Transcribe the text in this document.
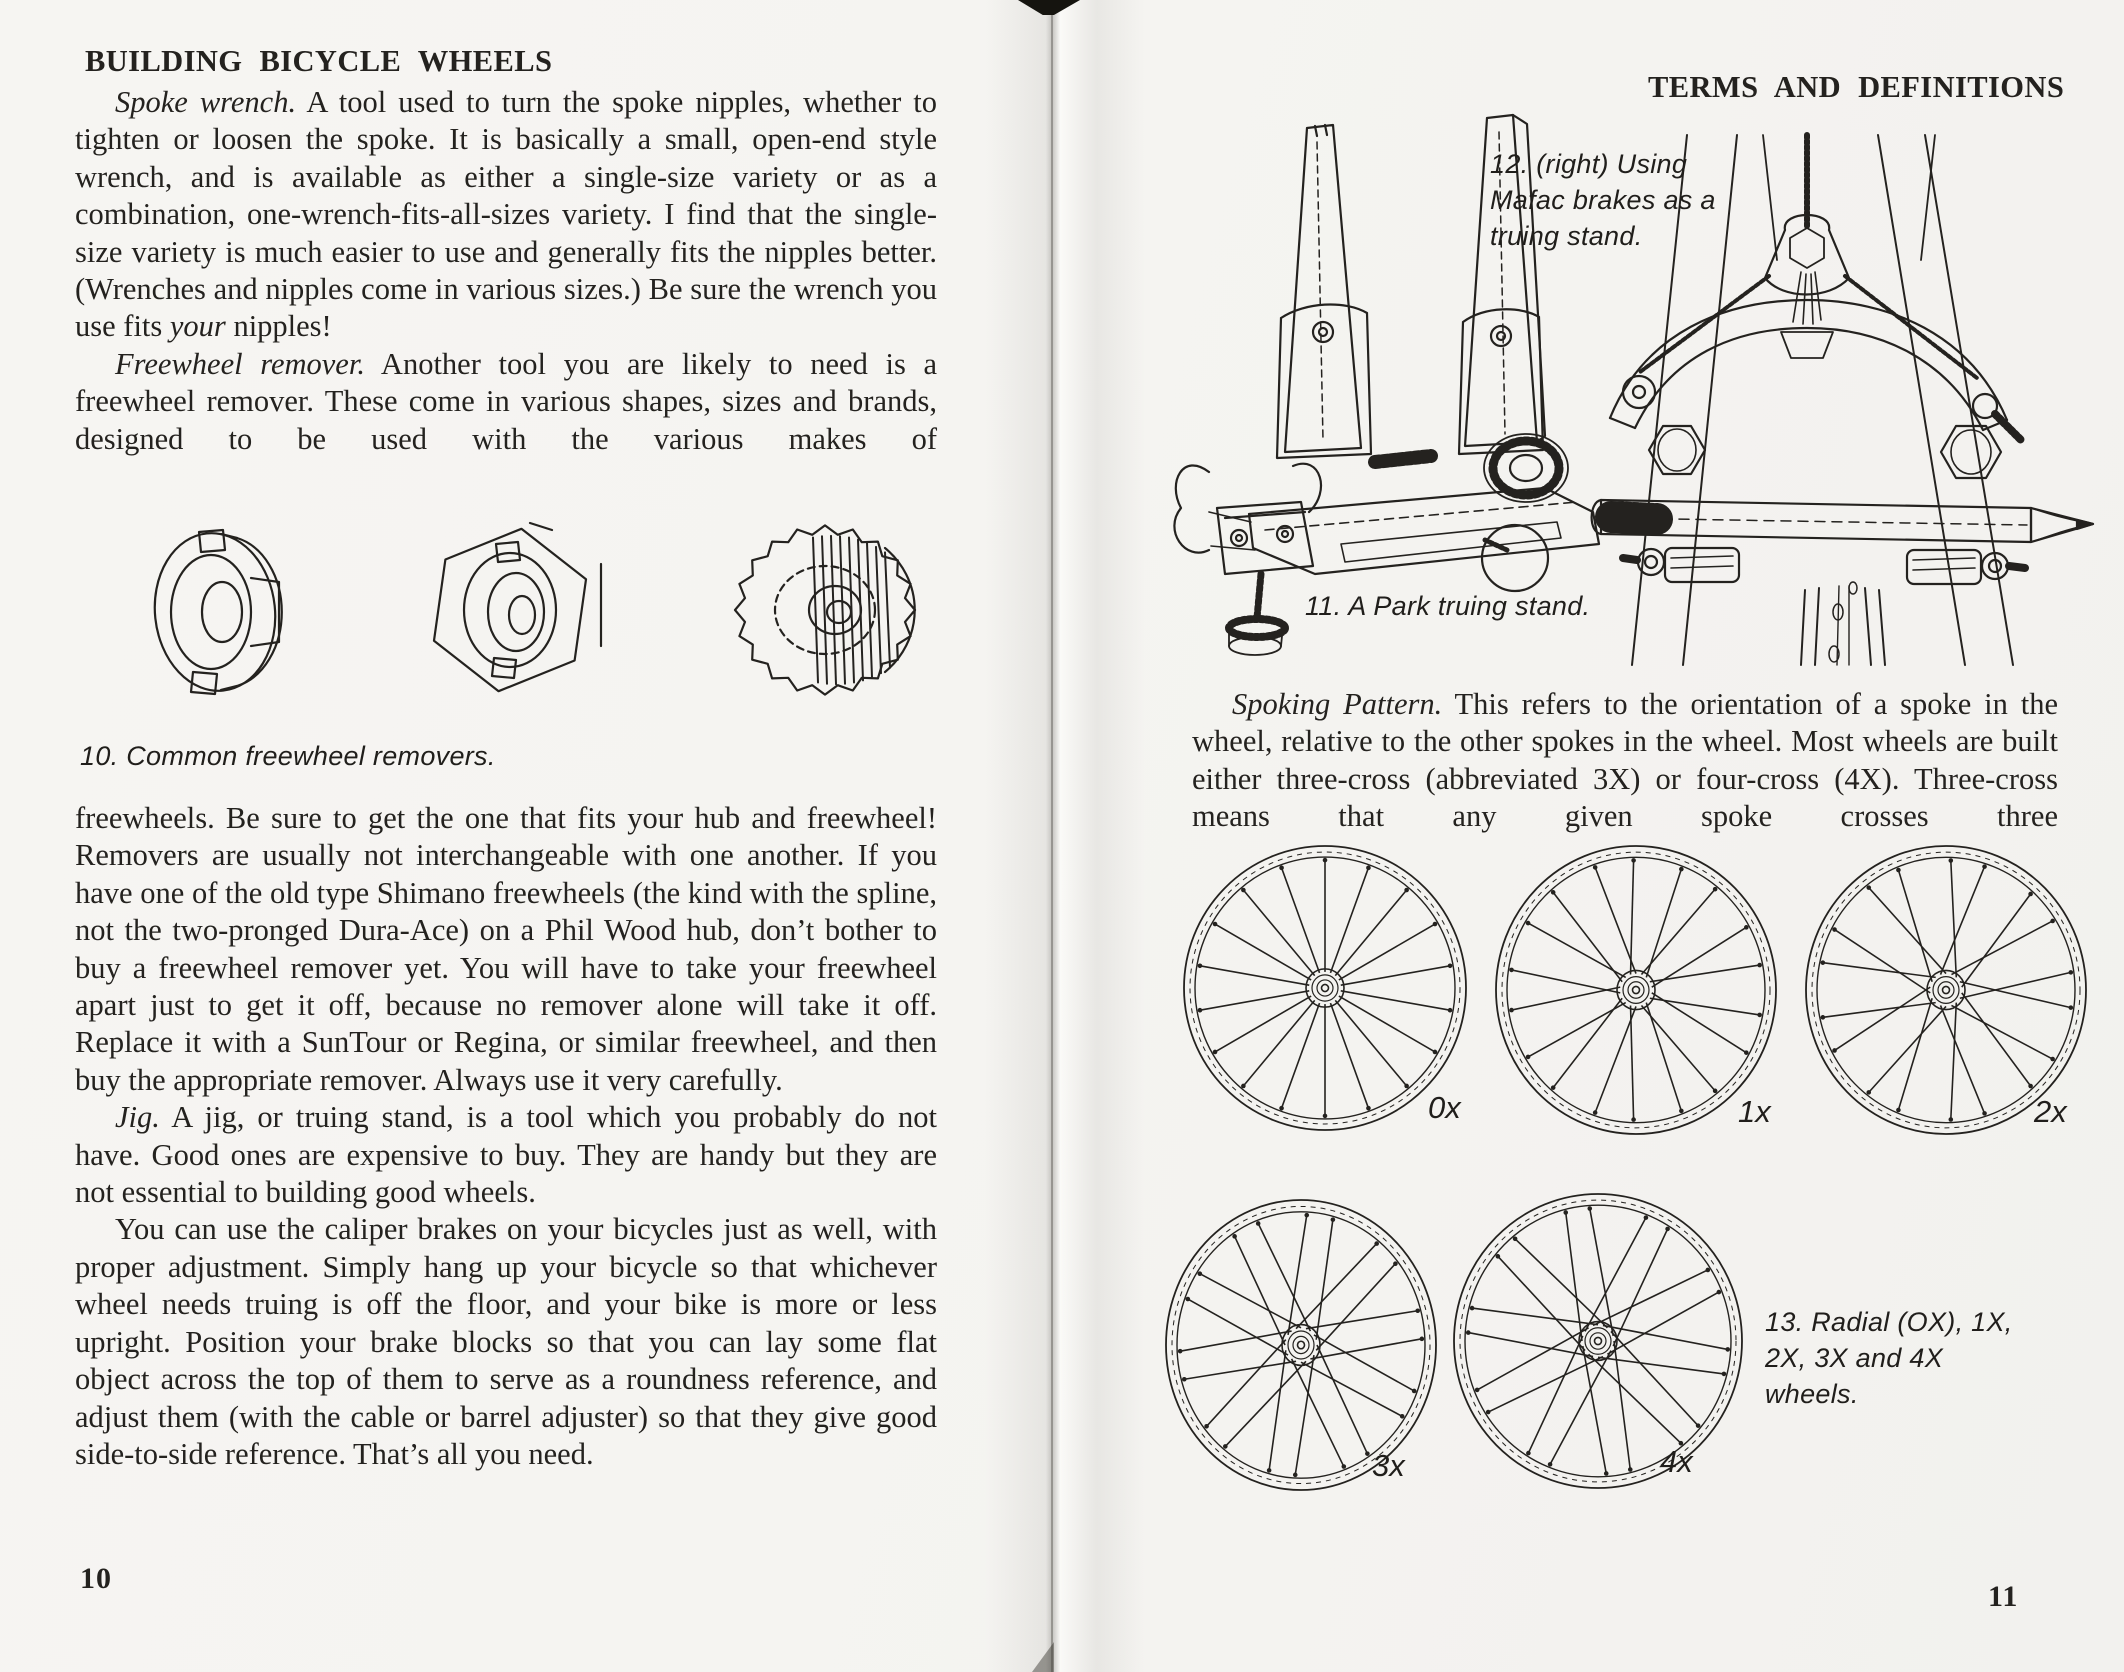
BUILDING BICYCLE WHEELS

Spoke wrench. A tool used to turn the spoke nipples, whether to tighten or loosen the spoke. It is basically a small, open-end style wrench, and is available as either a single-size variety or as a combination, one-wrench-fits-all-sizes variety. I find that the single-size variety is much easier to use and generally fits the nipples better. (Wrenches and nipples come in various sizes.) Be sure the wrench you use fits your nipples!

Freewheel remover. Another tool you are likely to need is a freewheel remover. These come in various shapes, sizes and brands, designed to be used with the various makes of

10. Common freewheel removers.

freewheels. Be sure to get the one that fits your hub and freewheel! Removers are usually not interchangeable with one another. If you have one of the old type Shimano freewheels (the kind with the spline, not the two-pronged Dura-Ace) on a Phil Wood hub, don’t bother to buy a freewheel remover yet. You will have to take your freewheel apart just to get it off, because no remover alone will take it off. Replace it with a SunTour or Regina, or similar freewheel, and then buy the appropriate remover. Always use it very carefully.

Jig. A jig, or truing stand, is a tool which you probably do not have. Good ones are expensive to buy. They are handy but they are not essential to building good wheels.

You can use the caliper brakes on your bicycles just as well, with proper adjustment. Simply hang up your bicycle so that whichever wheel needs truing is off the floor, and your bike is more or less upright. Position your brake blocks so that you can lay some flat object across the top of them to serve as a roundness reference, and adjust them (with the cable or barrel adjuster) so that they give good side-to-side reference. That’s all you need.

10
TERMS AND DEFINITIONS
12. (right) Using Mafac brakes as a truing stand.
11. A Park truing stand.

Spoking Pattern. This refers to the orientation of a spoke in the wheel, relative to the other spokes in the wheel. Most wheels are built either three-cross (abbreviated 3X) or four-cross (4X). Three-cross means that any given spoke crosses three

0x	1x	2x
3x	4x
13. Radial (OX), 1X, 2X, 3X and 4X wheels.
11
